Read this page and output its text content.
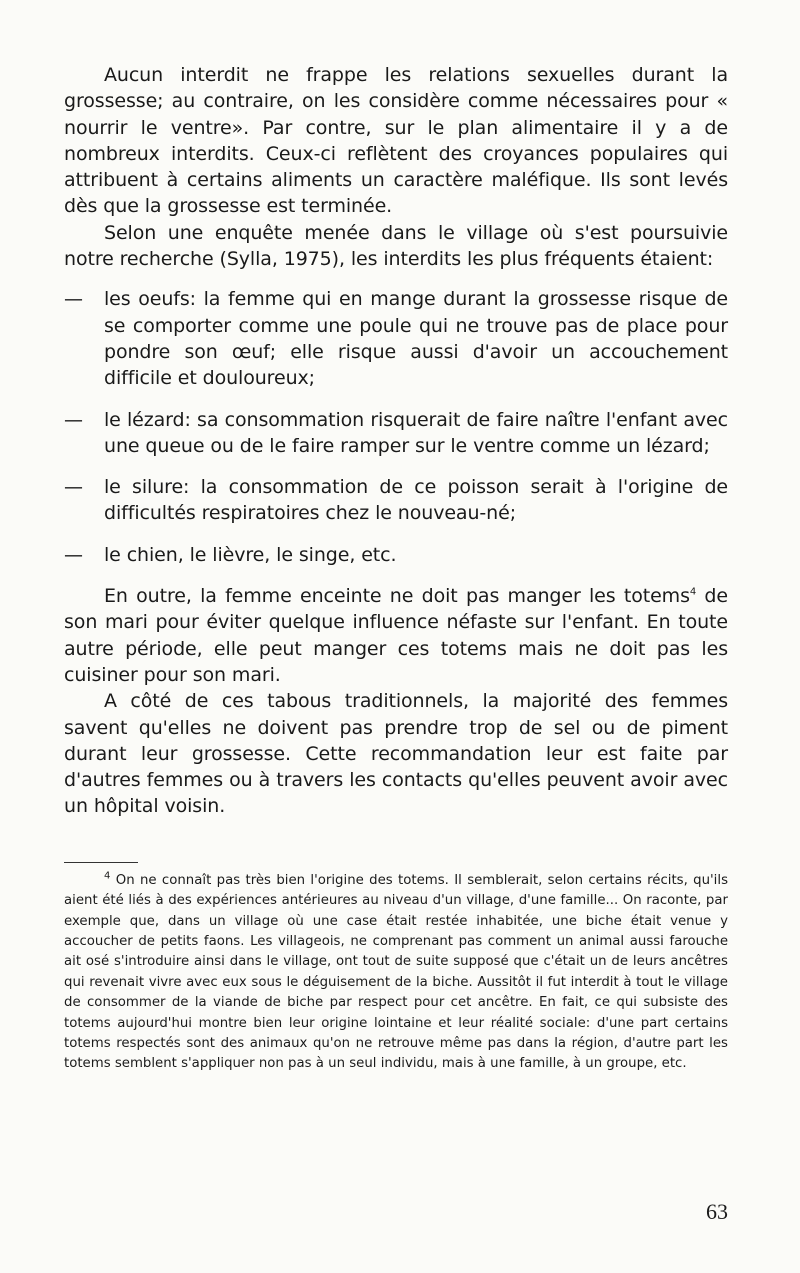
Aucun interdit ne frappe les relations sexuelles durant la grossesse; au contraire, on les considère comme nécessaires pour « nourrir le ventre». Par contre, sur le plan alimentaire il y a de nombreux interdits. Ceux-ci reflètent des croyances populaires qui attribuent à certains aliments un caractère maléfique. Ils sont levés dès que la grossesse est terminée.

Selon une enquête menée dans le village où s'est poursuivie notre recherche (Sylla, 1975), les interdits les plus fréquents étaient:

— les oeufs: la femme qui en mange durant la grossesse risque de se comporter comme une poule qui ne trouve pas de place pour pondre son œuf; elle risque aussi d'avoir un accouchement difficile et douloureux;
— le lézard: sa consommation risquerait de faire naître l'enfant avec une queue ou de le faire ramper sur le ventre comme un lézard;
— le silure: la consommation de ce poisson serait à l'origine de difficultés respiratoires chez le nouveau-né;
— le chien, le lièvre, le singe, etc.

En outre, la femme enceinte ne doit pas manger les totems$^4$ de son mari pour éviter quelque influence néfaste sur l'enfant. En toute autre période, elle peut manger ces totems mais ne doit pas les cuisiner pour son mari.

A côté de ces tabous traditionnels, la majorité des femmes savent qu'elles ne doivent pas prendre trop de sel ou de piment durant leur grossesse. Cette recommandation leur est faite par d'autres femmes ou à travers les contacts qu'elles peuvent avoir avec un hôpital voisin.

$^4$ On ne connaît pas très bien l'origine des totems. Il semblerait, selon certains récits, qu'ils aient été liés à des expériences antérieures au niveau d'un village, d'une famille... On raconte, par exemple que, dans un village où une case était restée inhabitée, une biche était venue y accoucher de petits faons. Les villageois, ne comprenant pas comment un animal aussi farouche ait osé s'introduire ainsi dans le village, ont tout de suite supposé que c'était un de leurs ancêtres qui revenait vivre avec eux sous le déguisement de la biche. Aussitôt il fut interdit à tout le village de consommer de la viande de biche par respect pour cet ancêtre. En fait, ce qui subsiste des totems aujourd'hui montre bien leur origine lointaine et leur réalité sociale: d'une part certains totems respectés sont des animaux qu'on ne retrouve même pas dans la région, d'autre part les totems semblent s'appliquer non pas à un seul individu, mais à une famille, à un groupe, etc.

63
